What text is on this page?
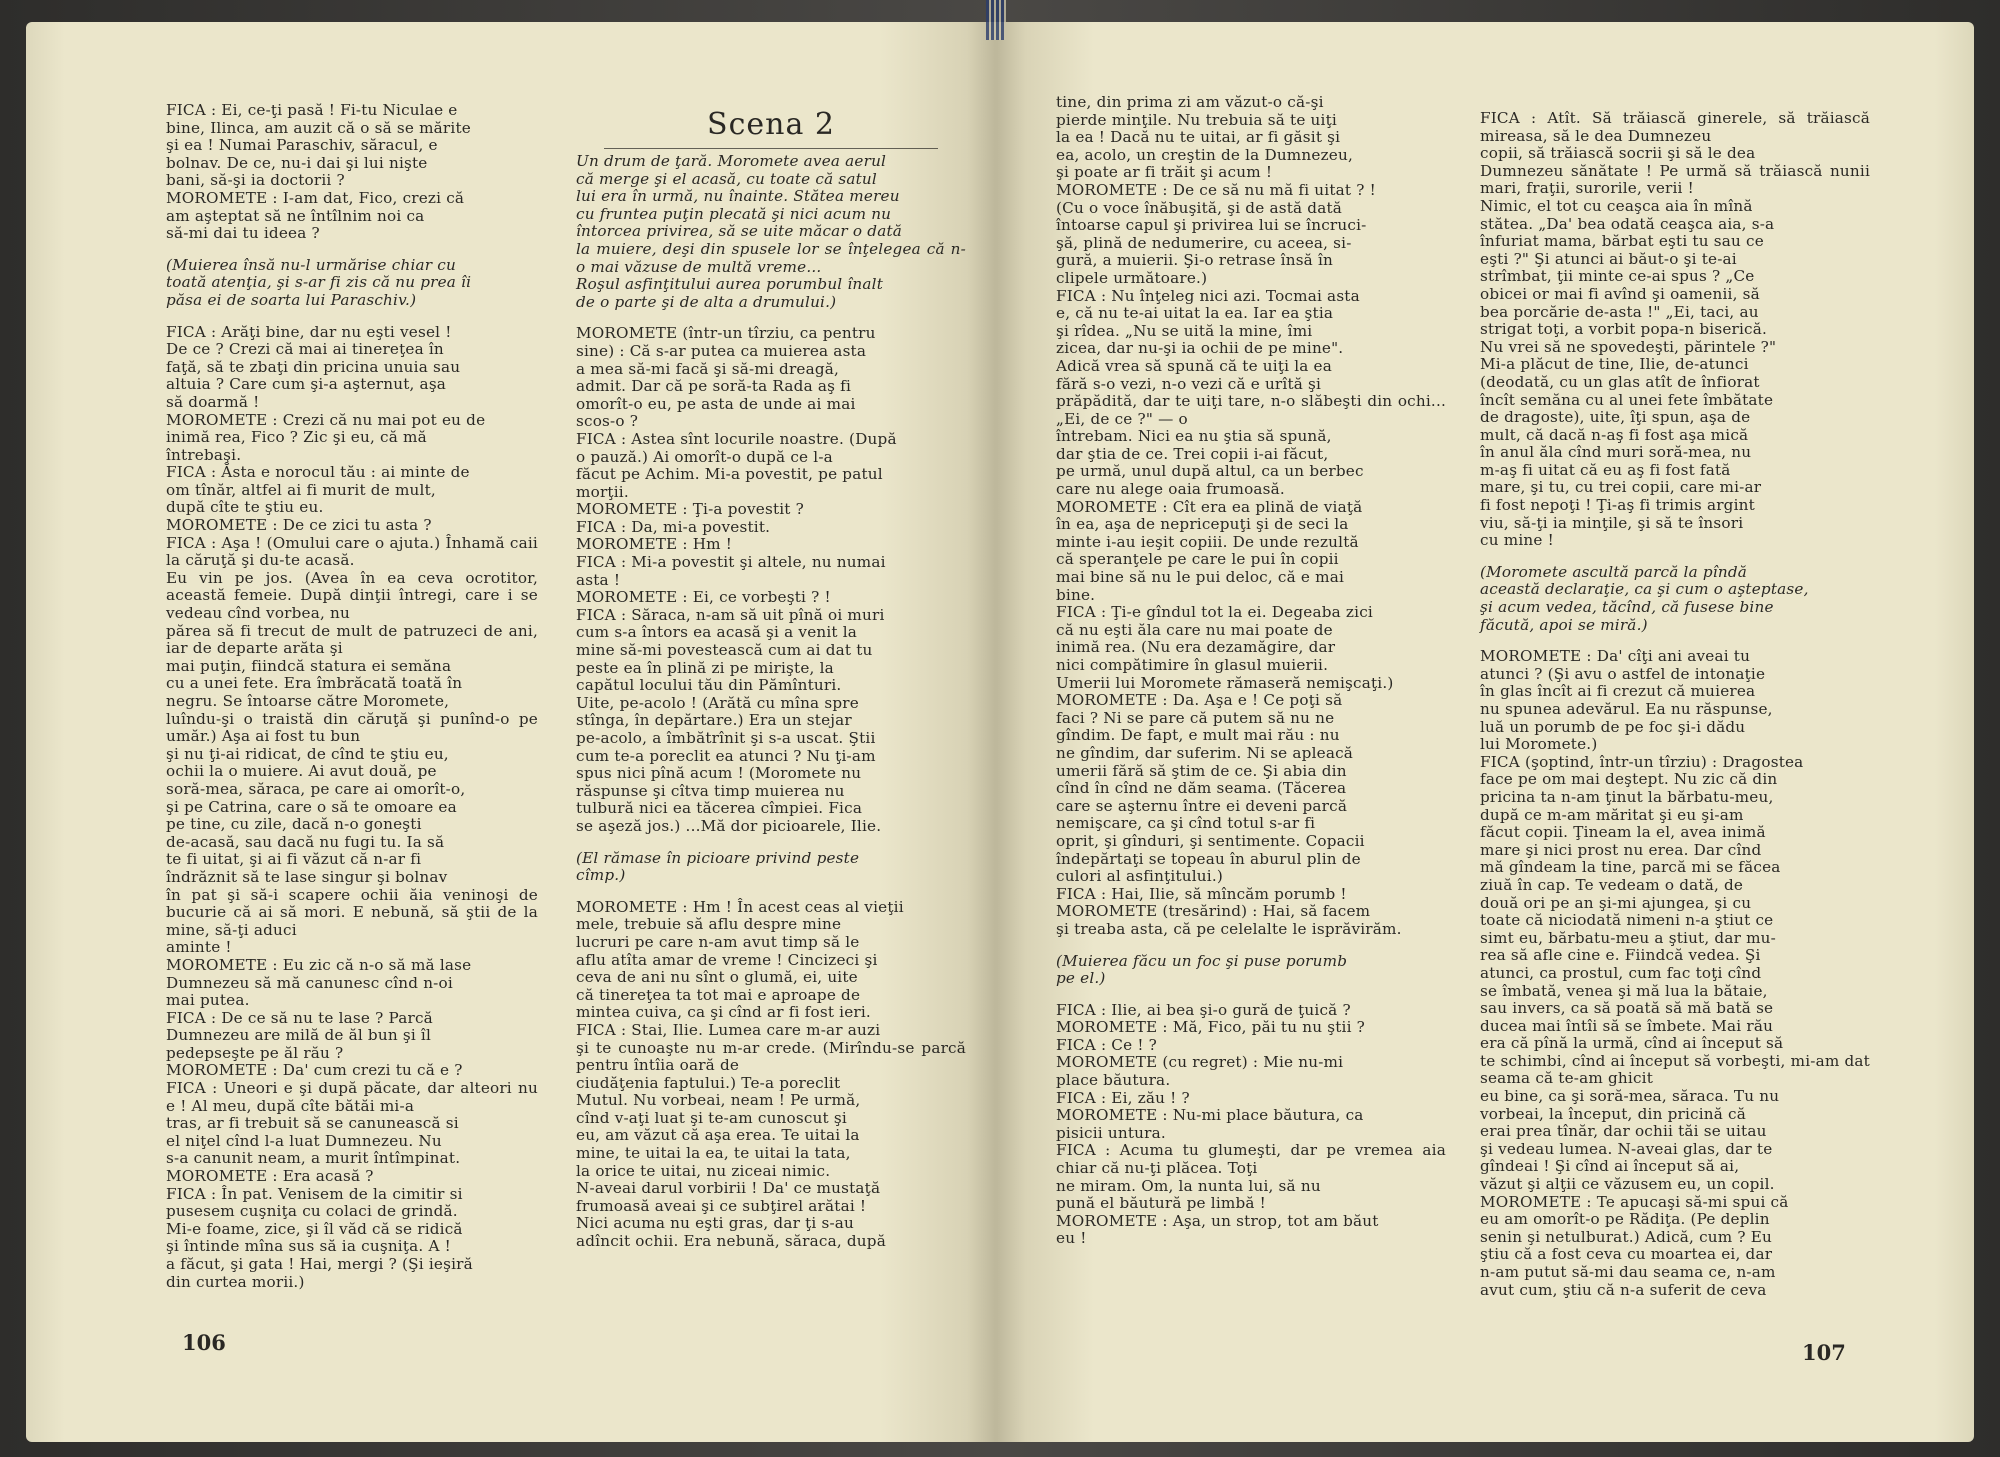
FICA : Ei, ce-ţi pasă ! Fi-tu Niculae e
bine, Ilinca, am auzit că o să se mărite
şi ea ! Numai Paraschiv, săracul, e
bolnav. De ce, nu-i dai şi lui nişte
bani, să-şi ia doctorii ?

MOROMETE : I-am dat, Fico, crezi că
am aşteptat să ne întîlnim noi ca
să-mi dai tu ideea ?

(Muierea însă nu-l urmărise chiar cu
toată atenţia, şi s-ar fi zis că nu prea îi
păsa ei de soarta lui Paraschiv.)

FICA : Arăţi bine, dar nu eşti vesel !
De ce ? Crezi că mai ai tinereţea în
faţă, să te zbaţi din pricina unuia sau
altuia ? Care cum şi-a aşternut, aşa
să doarmă !

MOROMETE : Crezi că nu mai pot eu de
inimă rea, Fico ? Zic şi eu, că mă
întrebaşi.

FICA : Ăsta e norocul tău : ai minte de
om tînăr, altfel ai fi murit de mult,
după cîte te ştiu eu.

MOROMETE : De ce zici tu asta ?

FICA : Aşa ! (Omului care o ajuta.) Înhamă caii la căruţă şi du-te acasă.
Eu vin pe jos. (Avea în ea ceva ocrotitor, această femeie. După dinţii întregi, care i se vedeau cînd vorbea, nu
părea să fi trecut de mult de patruzeci de ani, iar de departe arăta şi
mai puţin, fiindcă statura ei semăna
cu a unei fete. Era îmbrăcată toată în
negru. Se întoarse către Moromete,
luîndu-şi o traistă din căruţă şi punînd-o pe umăr.) Aşa ai fost tu bun
şi nu ţi-ai ridicat, de cînd te ştiu eu,
ochii la o muiere. Ai avut două, pe
soră-mea, săraca, pe care ai omorît-o,
şi pe Catrina, care o să te omoare ea
pe tine, cu zile, dacă n-o goneşti
de-acasă, sau dacă nu fugi tu. Ia să
te fi uitat, şi ai fi văzut că n-ar fi
îndrăznit să te lase singur şi bolnav
în pat şi să-i scapere ochii ăia veninoşi de bucurie că ai să mori. E nebună, să ştii de la mine, să-ţi aduci
aminte !

MOROMETE : Eu zic că n-o să mă lase
Dumnezeu să mă canunesc cînd n-oi
mai putea.

FICA : De ce să nu te lase ? Parcă
Dumnezeu are milă de ăl bun şi îl
pedepseşte pe ăl rău ?

MOROMETE : Da' cum crezi tu că e ?

FICA : Uneori e şi după păcate, dar alteori nu e ! Al meu, după cîte bătăi mi-a
tras, ar fi trebuit să se canunească si
el niţel cînd l-a luat Dumnezeu. Nu
s-a canunit neam, a murit întîmpinat.

MOROMETE : Era acasă ?

FICA : În pat. Venisem de la cimitir si
pusesem cuşniţa cu colaci de grindă.
Mi-e foame, zice, şi îl văd că se ridică
şi întinde mîna sus să ia cuşniţa. A !
a făcut, şi gata ! Hai, mergi ? (Şi ieşiră
din curtea morii.)

Scena 2

Un drum de ţară. Moromete avea aerul
că merge şi el acasă, cu toate că satul
lui era în urmă, nu înainte. Stătea mereu
cu fruntea puţin plecată şi nici acum nu
întorcea privirea, să se uite măcar o dată
la muiere, deşi din spusele lor se înţelegea că n-o mai văzuse de multă vreme...
Roşul asfinţitului aurea porumbul înalt
de o parte şi de alta a drumului.)

MOROMETE (într-un tîrziu, ca pentru
sine) : Că s-ar putea ca muierea asta
a mea să-mi facă şi să-mi dreagă,
admit. Dar că pe soră-ta Rada aş fi
omorît-o eu, pe asta de unde ai mai
scos-o ?

FICA : Astea sînt locurile noastre. (După
o pauză.) Ai omorît-o după ce l-a
făcut pe Achim. Mi-a povestit, pe patul
morţii.

MOROMETE : Ţi-a povestit ?

FICA : Da, mi-a povestit.

MOROMETE : Hm !

FICA : Mi-a povestit şi altele, nu numai
asta !

MOROMETE : Ei, ce vorbeşti ? !

FICA : Săraca, n-am să uit pînă oi muri
cum s-a întors ea acasă şi a venit la
mine să-mi povestească cum ai dat tu
peste ea în plină zi pe miriştе, la
capătul locului tău din Pămînturi.
Uite, pe-acolo ! (Arătă cu mîna spre
stînga, în depărtare.) Era un stejar
pe-acolo, a îmbătrînit şi s-a uscat. Ştii
cum te-a poreclit ea atunci ? Nu ţi-am
spus nici pînă acum ! (Moromete nu
răspunse şi cîtva timp muierea nu
tulbură nici ea tăcerea cîmpiei. Fica
se aşeză jos.) ...Mă dor picioarele, Ilie.

(El rămase în picioare privind peste
cîmp.)

MOROMETE : Hm ! În acest ceas al vieţii
mele, trebuie să aflu despre mine
lucruri pe care n-am avut timp să le
aflu atîta amar de vreme ! Cincizeci şi
ceva de ani nu sînt o glumă, ei, uite
că tinereţea ta tot mai e aproape de
mintea cuiva, ca şi cînd ar fi fost ieri.

FICA : Stai, Ilie. Lumea care m-ar auzi
şi te cunoaşte nu m-ar crede. (Mirîndu-se parcă pentru întîia oară de
ciudăţenia faptului.) Te-a poreclit
Mutul. Nu vorbeai, neam ! Pe urmă,
cînd v-aţi luat şi te-am cunoscut şi
eu, am văzut că aşa erea. Te uitai la
mine, te uitai la ea, te uitai la tata,
la orice te uitai, nu ziceai nimic.
N-aveai darul vorbirii ! Da' ce mustaţă
frumoasă aveai şi ce subţirel arătai !
Nici acuma nu eşti gras, dar ţi s-au
adîncit ochii. Era nebună, săraca, după

106

tine, din prima zi am văzut-o că-şi
pierde minţile. Nu trebuia să te uiţi
la ea ! Dacă nu te uitai, ar fi găsit şi
ea, acolo, un creştin de la Dumnezeu,
şi poate ar fi trăit şi acum !

MOROMETE : De ce să nu mă fi uitat ? !
(Cu o voce înăbuşită, şi de astă dată
întoarse capul şi privirea lui se încruci-
şă, plină de nedumerire, cu aceea, si-
gură, a muierii. Şi-o retrase însă în
clipele următoare.)

FICA : Nu înţeleg nici azi. Tocmai asta
e, că nu te-ai uitat la ea. Iar ea ştia
şi rîdea. „Nu se uită la mine, îmi
zicea, dar nu-şi ia ochii de pe mine".
Adică vrea să spună că te uiţi la ea
fără s-o vezi, n-o vezi că e urîtă şi
prăpădită, dar te uiţi tare, n-o slăbeşti din ochi... „Ei, de ce ?" — o
întrebam. Nici ea nu ştia să spună,
dar ştia de ce. Trei copii i-ai făcut,
pe urmă, unul după altul, ca un berbec
care nu alege oaia frumoasă.

MOROMETE : Cît era ea plină de viaţă
în ea, aşa de nepricepuţi şi de seci la
minte i-au ieşit copiii. De unde rezultă
că speranţele pe care le pui în copii
mai bine să nu le pui deloc, că e mai
bine.

FICA : Ţi-e gîndul tot la ei. Degeaba zici
că nu eşti ăla care nu mai poate de
inimă rea. (Nu era dezamăgire, dar
nici compătimire în glasul muierii.
Umerii lui Moromete rămaseră nemişcaţi.)

MOROMETE : Da. Aşa e ! Ce poţi să
faci ? Ni se pare că putem să nu ne
gîndim. De fapt, e mult mai rău : nu
ne gîndim, dar suferim. Ni se apleacă
umerii fără să ştim de ce. Şi abia din
cînd în cînd ne dăm seama. (Tăcerea
care se aşternu între ei deveni parcă
nemişcare, ca şi cînd totul s-ar fi
oprit, şi gînduri, şi sentimente. Copacii
îndepărtaţi se topeau în aburul plin de
culori al asfinţitului.)

FICA : Hai, Ilie, să mîncăm porumb !

MOROMETE (tresărind) : Hai, să facem
şi treaba asta, că pe celelalte le isprăvirăm.

(Muierea făcu un foc şi puse porumb
pe el.)

FICA : Ilie, ai bea şi-o gură de ţuică ?

MOROMETE : Mă, Fico, păi tu nu ştii ?

FICA : Ce ! ?

MOROMETE (cu regret) : Mie nu-mi
place băutura.

FICA : Ei, zău ! ?

MOROMETE : Nu-mi place băutura, ca
pisicii untura.

FICA : Acuma tu glumeşti, dar pe vremea aia chiar că nu-ţi plăcea. Toţi
ne miram. Om, la nunta lui, să nu
pună el băutură pe limbă !

MOROMETE : Aşa, un strop, tot am băut
eu !

FICA : Atît. Să trăiască ginerele, să trăiască mireasa, să le dea Dumnezeu
copii, să trăiască socrii şi să le dea
Dumnezeu sănătate ! Pe urmă să trăiască nunii mari, fraţii, surorile, verii !
Nimic, el tot cu ceaşca aia în mînă
stătea. „Da' bea odată ceaşca aia, s-a
înfuriat mama, bărbat eşti tu sau ce
eşti ?" Şi atunci ai băut-o şi te-ai
strîmbat, ţii minte ce-ai spus ? „Ce
obicei or mai fi avînd şi oamenii, să
bea porcărie de-asta !" „Ei, taci, au
strigat toţi, a vorbit popa-n biserică.
Nu vrei să ne spovedeşti, părintele ?"
Mi-a plăcut de tine, Ilie, de-atunci
(deodată, cu un glas atît de înfiorat
încît semăna cu al unei fete îmbătate
de dragoste), uite, îţi spun, aşa de
mult, că dacă n-aş fi fost aşa mică
în anul ăla cînd muri soră-mea, nu
m-aş fi uitat că eu aş fi fost fată
mare, şi tu, cu trei copii, care mi-ar
fi fost nepoţi ! Ţi-aş fi trimis argint
viu, să-ţi ia minţile, şi să te însori
cu mine !

(Moromete ascultă parcă la pîndă
această declaraţie, ca şi cum o aşteptase,
şi acum vedea, tăcînd, că fusese bine
făcută, apoi se miră.)

MOROMETE : Da' cîţi ani aveai tu
atunci ? (Şi avu o astfel de intonaţie
în glas încît ai fi crezut că muierea
nu spunea adevărul. Ea nu răspunse,
luă un porumb de pe foc şi-i dădu
lui Moromete.)

FICA (şoptind, într-un tîrziu) : Dragostea
face pe om mai deştept. Nu zic că din
pricina ta n-am ţinut la bărbatu-meu,
după ce m-am măritat şi eu şi-am
făcut copii. Ţineam la el, avea inimă
mare şi nici prost nu erea. Dar cînd
mă gîndeam la tine, parcă mi se făcea
ziuă în cap. Te vedeam o dată, de
două ori pe an şi-mi ajungea, şi cu
toate că niciodată nimeni n-a ştiut ce
simt eu, bărbatu-meu a ştiut, dar mu-
rea să afle cine e. Fiindcă vedea. Şi
atunci, ca prostul, cum fac toţi cînd
se îmbată, venea şi mă lua la bătaie,
sau invers, ca să poată să mă bată se
ducea mai întîi să se îmbete. Mai rău
era că pînă la urmă, cînd ai început să
te schimbi, cînd ai început să vorbeşti, mi-am dat seama că te-am ghicit
eu bine, ca şi soră-mea, săraca. Tu nu
vorbeai, la început, din pricină că
erai prea tînăr, dar ochii tăi se uitau
şi vedeau lumea. N-aveai glas, dar te
gîndeai ! Şi cînd ai început să ai,
văzut şi alţii ce văzusem eu, un copil.

MOROMETE : Te apucaşi să-mi spui că
eu am omorît-o pe Rădiţa. (Pe deplin
senin şi netulburat.) Adică, cum ? Eu
ştiu că a fost ceva cu moartea ei, dar
n-am putut să-mi dau seama ce, n-am
avut cum, ştiu că n-a suferit de ceva

107
